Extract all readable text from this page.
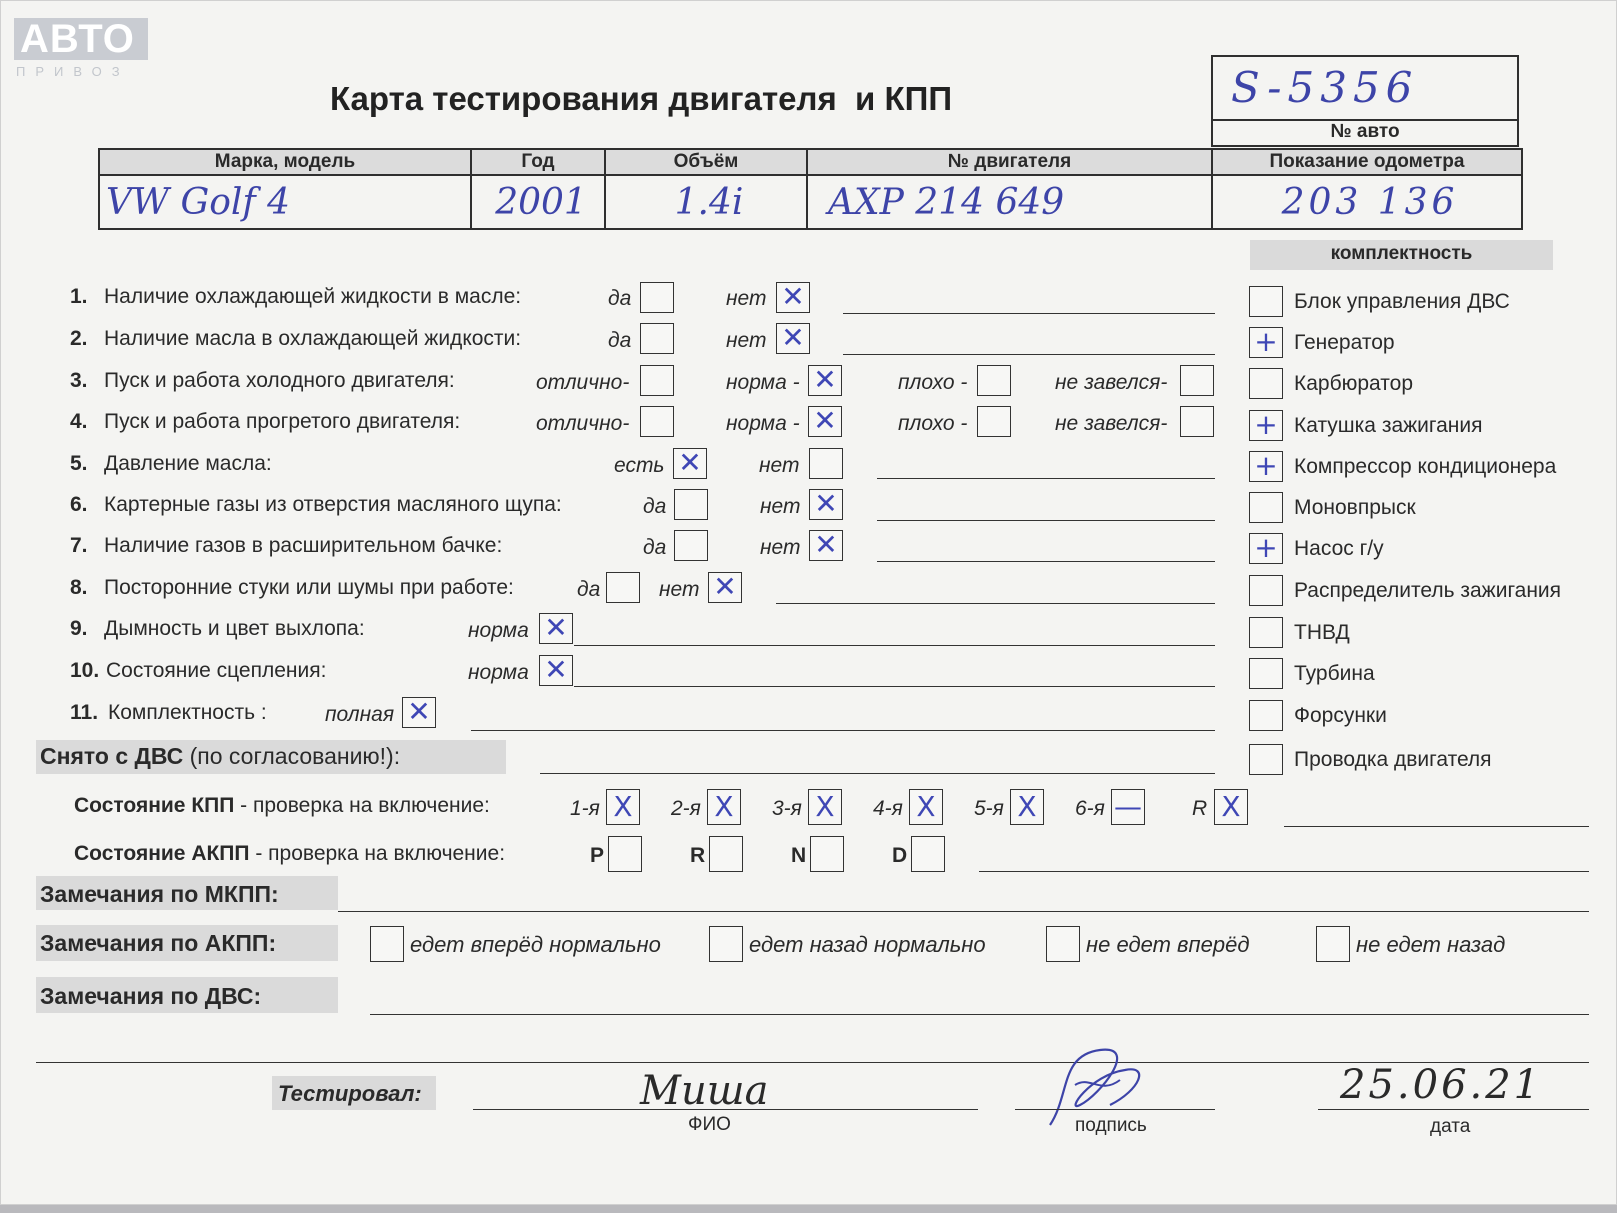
АВТО
ПРИВОЗ
Карта тестирования двигателя  и КПП	S-5356
№ авто
Марка, модель	Год	Объём	№ двигателя	Показание одометра
VW Golf 4	2001	1.4i	AXP 214 649	203 136
комплектность
1. Наличие охлаждающей жидкости в масле:	да	нет ✕
2. Наличие масла в охлаждающей жидкости:	да	нет ✕
3. Пуск и работа холодного двигателя:	отлично-	норма - ✕	плохо -	не завелся-
4. Пуск и работа прогретого двигателя:	отлично-	норма - ✕	плохо -	не завелся-
5. Давление масла:	есть ✕	нет
6. Картерные газы из отверстия масляного щупа:	да	нет ✕
7. Наличие газов в расширительном бачке:	да	нет ✕
8. Посторонние стуки или шумы при работе:	да	нет ✕
9. Дымность и цвет выхлопа:	норма ✕
10. Состояние сцепления:	норма ✕
11. Комплектность :	полная ✕
Блок управления ДВС
+ Генератор
Карбюратор
+ Катушка зажигания
+ Компрессор кондиционера
Моновпрыск
+ Насос г/у
Распределитель зажигания
ТНВД
Турбина
Форсунки
Проводка двигателя
Снято с ДВС (по согласованию!):
Состояние КПП - проверка на включение:	1-я X	2-я X	3-я X	4-я X	5-я X	6-я — R X
Состояние АКПП - проверка на включение:	P	R	N	D
Замечания по МКПП:
Замечания по АКПП:	едет вперёд нормально	едет назад нормально	не едет вперёд	не едет назад
Замечания по ДВС:
Тестировал:	Миша
ФИО	подпись
25.06.21
дата
